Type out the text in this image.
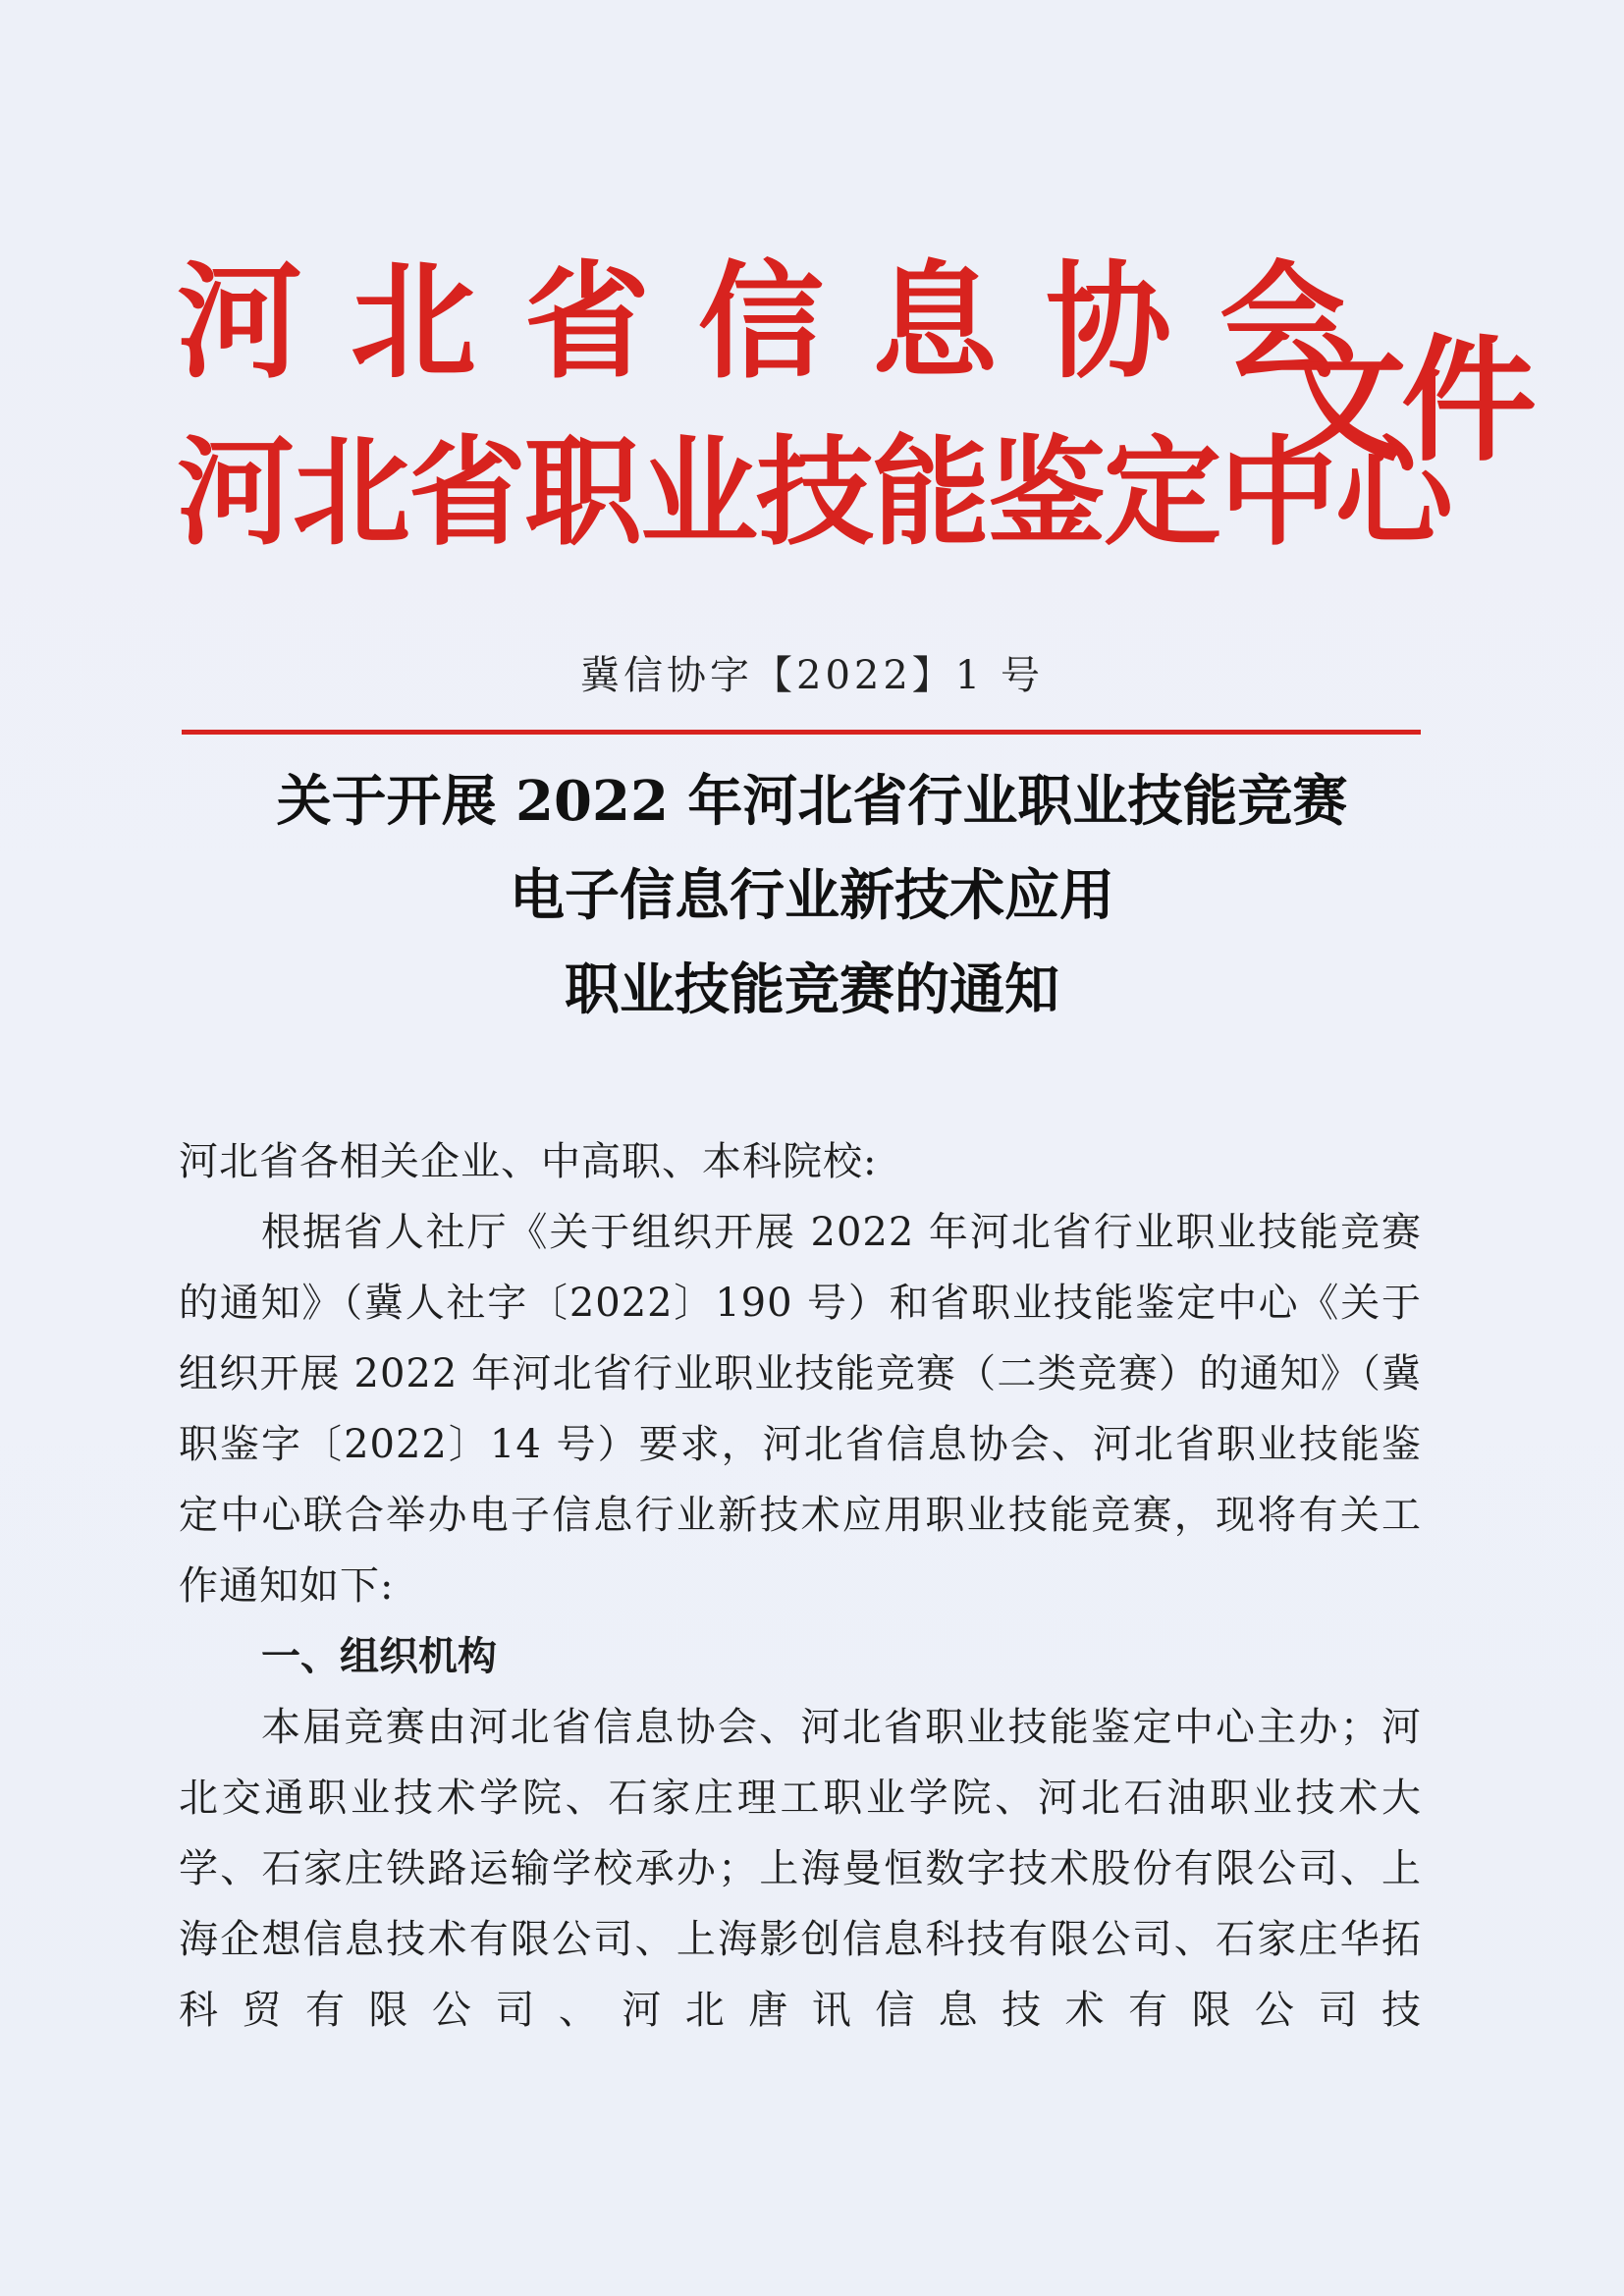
河北省信息协会
河北省职业技能鉴定中心
文件
冀信协字【2022】1 号
关于开展 2022 年河北省行业职业技能竞赛
电子信息行业新技术应用
职业技能竞赛的通知
河北省各相关企业、中高职、本科院校:
根据省人社厅《关于组织开展 2022 年河北省行业职业技能竞赛的通知》（冀人社字〔2022〕190 号）和省职业技能鉴定中心《关于组织开展 2022 年河北省行业职业技能竞赛（二类竞赛）的通知》（冀职鉴字〔2022〕14 号）要求，河北省信息协会、河北省职业技能鉴定中心联合举办电子信息行业新技术应用职业技能竞赛，现将有关工作通知如下:
一、组织机构
本届竞赛由河北省信息协会、河北省职业技能鉴定中心主办；河北交通职业技术学院、石家庄理工职业学院、河北石油职业技术大学、石家庄铁路运输学校承办；上海曼恒数字技术股份有限公司、上海企想信息技术有限公司、上海影创信息科技有限公司、石家庄华拓科贸有限公司、河北唐讯信息技术有限公司技
